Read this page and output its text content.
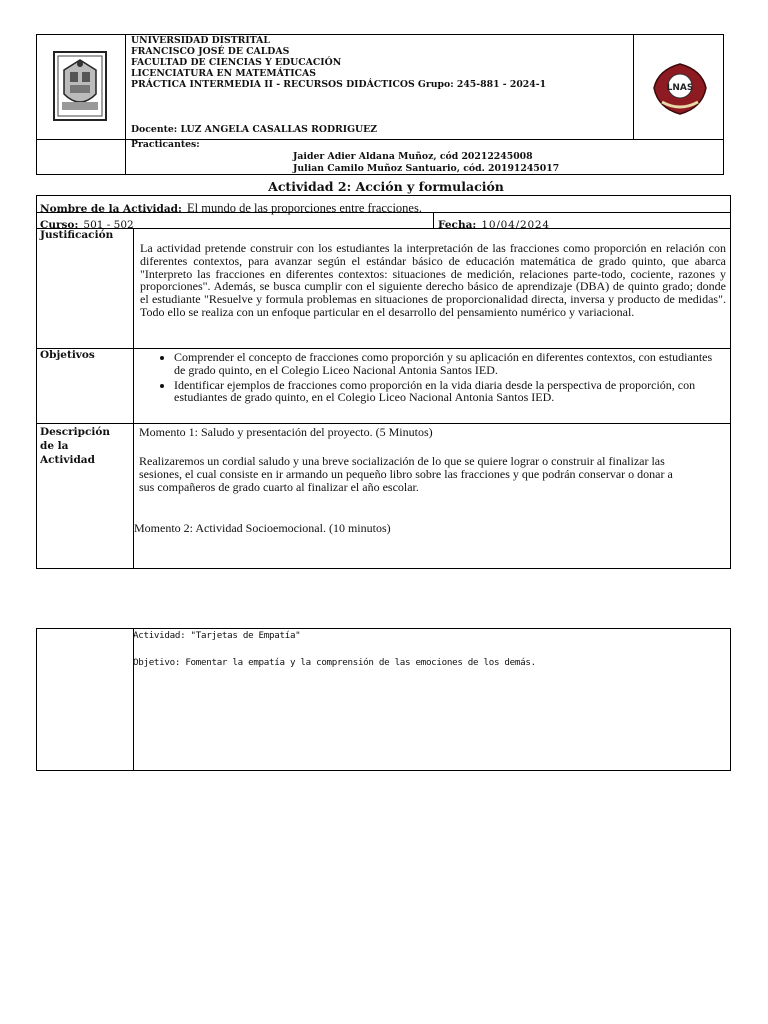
UNIVERSIDAD DISTRITAL
FRANCISCO JOSÉ DE CALDAS
FACULTAD DE CIENCIAS Y EDUCACIÓN
LICENCIATURA EN MATEMÁTICAS
PRÁCTICA INTERMEDIA II - RECURSOS DIDÁCTICOS Grupo: 245-881 - 2024-1
Docente: LUZ ANGELA CASALLAS RODRIGUEZ
LNAS
Practicantes:
Jaider Adier Aldana Muñoz, cód 20212245008
Julian Camilo Muñoz Santuario, cód. 20191245017
Actividad 2: Acción y formulación
Nombre de la Actividad: El mundo de las proporciones entre fracciones.
Curso: 501 - 502	Fecha: 10/04/2024
Justificación
La actividad pretende construir con los estudiantes la interpretación de las fracciones como proporción en relación con diferentes contextos, para avanzar según el estándar básico de educación matemática de grado quinto, que abarca "Interpreto las fracciones en diferentes contextos: situaciones de medición, relaciones parte-todo, cociente, razones y proporciones". Además, se busca cumplir con el siguiente derecho básico de aprendizaje (DBA) de quinto grado; donde el estudiante "Resuelve y formula problemas en situaciones de proporcionalidad directa, inversa y producto de medidas". Todo ello se realiza con un enfoque particular en el desarrollo del pensamiento numérico y variacional.
Objetivos
•	Comprender el concepto de fracciones como proporción y su aplicación en diferentes contextos, con estudiantes de grado quinto, en el Colegio Liceo Nacional Antonia Santos IED.
• Identificar ejemplos de fracciones como proporción en la vida diaria desde la perspectiva de proporción, con estudiantes de grado quinto, en el Colegio Liceo Nacional Antonia Santos IED.
Descripción
de la
Actividad
Momento 1: Saludo y presentación del proyecto. (5 Minutos)
Realizaremos un cordial saludo y una breve socialización de lo que se quiere lograr o construir al finalizar las sesiones, el cual consiste en ir armando un pequeño libro sobre las fracciones y que podrán conservar o donar a sus compañeros de grado cuarto al finalizar el año escolar.
Momento 2: Actividad Socioemocional. (10 minutos)
Actividad: "Tarjetas de Empatía"
Objetivo: Fomentar la empatía y la comprensión de las emociones de los demás.
